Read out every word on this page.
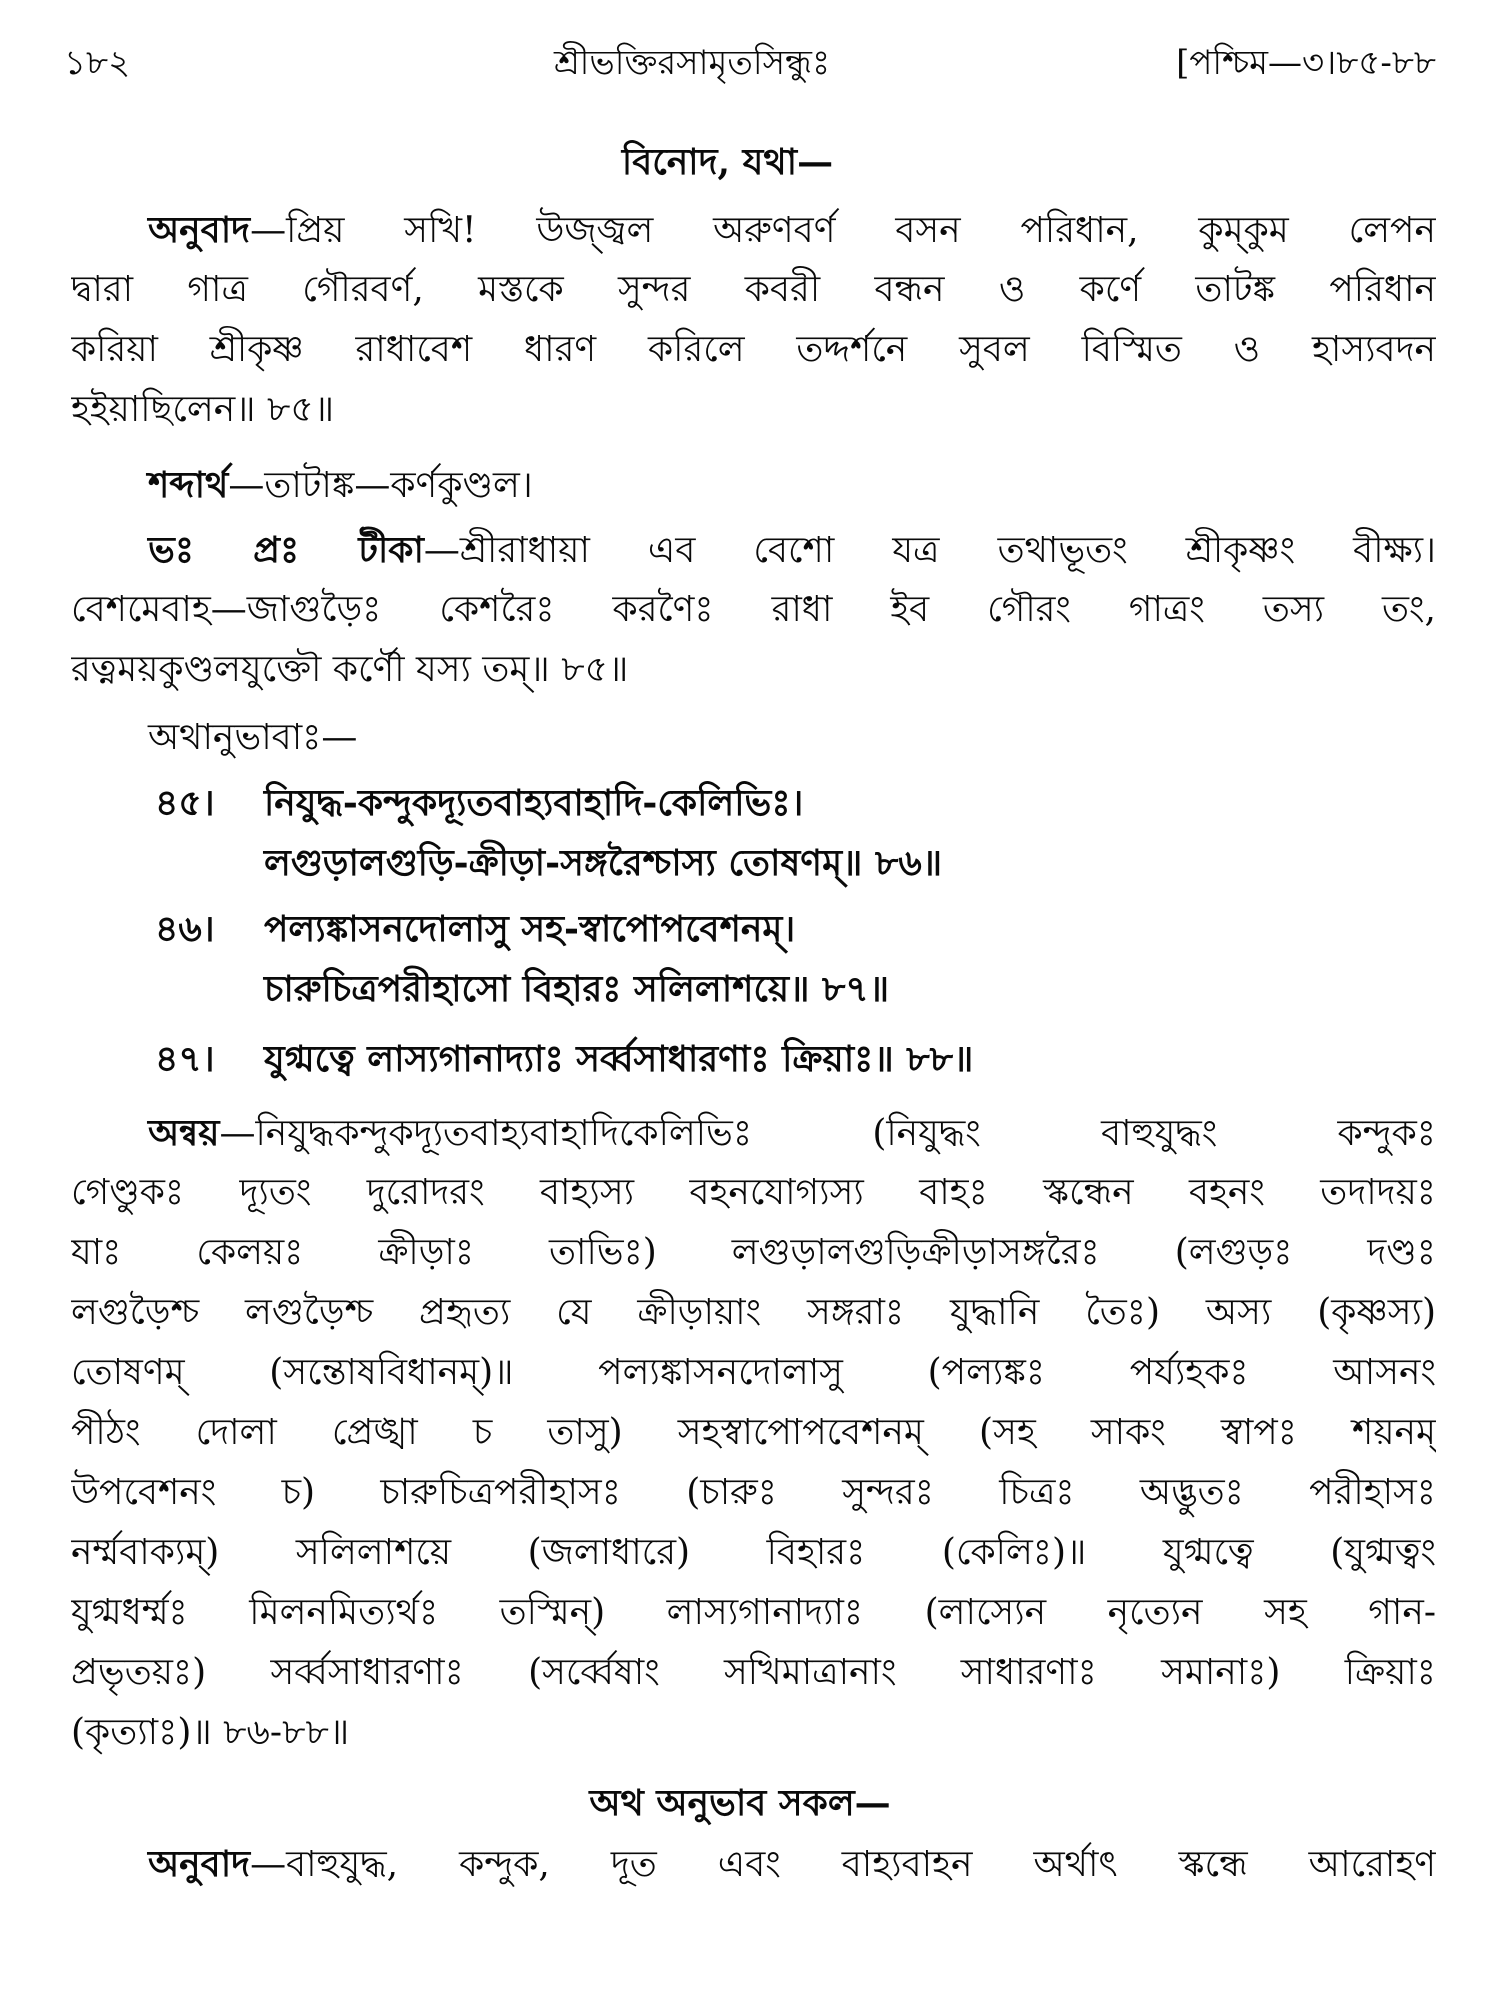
১৮২	শ্রীভক্তিরসামৃতসিন্ধুঃ	[পশ্চিম—৩।৮৫-৮৮
বিনোদ, যথা—
অনুবাদ—প্রিয় সখি! উজ্জ্বল অরুণবর্ণ বসন পরিধান, কুম্‌কুম লেপন
দ্বারা গাত্র গৌরবর্ণ, মস্তকে সুন্দর কবরী বন্ধন ও কর্ণে তাটঙ্ক পরিধান
করিয়া শ্রীকৃষ্ণ রাধাবেশ ধারণ করিলে তদ্দর্শনে সুবল বিস্মিত ও হাস্যবদন
হইয়াছিলেন॥ ৮৫॥
শব্দার্থ—তাটাঙ্ক—কর্ণকুণ্ডল।
ভঃ প্রঃ টীকা—শ্রীরাধায়া এব বেশো যত্র তথাভূতং শ্রীকৃষ্ণং বীক্ষ্য।
বেশমেবাহ—জাগুড়ৈঃ কেশরৈঃ করণৈঃ রাধা ইব গৌরং গাত্রং তস্য তং,
রত্নময়কুণ্ডলযুক্তৌ কর্ণৌ যস্য তম্॥ ৮৫॥
অথানুভাবাঃ—
৪৫। নিযুদ্ধ-কন্দুকদ্যূতবাহ্যবাহাদি-কেলিভিঃ।
লগুড়ালগুড়ি-ক্রীড়া-সঙ্গরৈশ্চাস্য তোষণম্॥ ৮৬॥
৪৬। পল্যঙ্কাসনদোলাসু সহ-স্বাপোপবেশনম্।
চারুচিত্রপরীহাসো বিহারঃ সলিলাশয়ে॥ ৮৭॥
৪৭। যুগ্মত্বে লাস্যগানাদ্যাঃ সর্ব্বসাধারণাঃ ক্রিয়াঃ॥ ৮৮॥
অন্বয়—নিযুদ্ধকন্দুকদ্যূতবাহ্যবাহাদিকেলিভিঃ (নিযুদ্ধং বাহুযুদ্ধং কন্দুকঃ
গেণ্ডুকঃ দ্যূতং দুরোদরং বাহ্যস্য বহনযোগ্যস্য বাহঃ স্কন্ধেন বহনং তদাদয়ঃ
যাঃ কেলয়ঃ ক্রীড়াঃ তাভিঃ) লগুড়ালগুড়িক্রীড়াসঙ্গরৈঃ (লগুড়ঃ দণ্ডঃ
লগুড়ৈশ্চ লগুড়ৈশ্চ প্রহৃত্য যে ক্রীড়ায়াং সঙ্গরাঃ যুদ্ধানি তৈঃ) অস্য (কৃষ্ণস্য)
তোষণম্ (সন্তোষবিধানম্)॥ পল্যঙ্কাসনদোলাসু (পল্যঙ্কঃ পর্য্যহকঃ আসনং
পীঠং দোলা প্রেঙ্খা চ তাসু) সহস্বাপোপবেশনম্ (সহ সাকং স্বাপঃ শয়নম্
উপবেশনং চ) চারুচিত্রপরীহাসঃ (চারুঃ সুন্দরঃ চিত্রঃ অদ্ভুতঃ পরীহাসঃ
নর্ম্মবাক্যম্) সলিলাশয়ে (জলাধারে) বিহারঃ (কেলিঃ)॥ যুগ্মত্বে (যুগ্মত্বং
যুগ্মধর্ম্মঃ মিলনমিত্যর্থঃ তস্মিন্) লাস্যগানাদ্যাঃ (লাস্যেন নৃত্যেন সহ গান-
প্রভৃতয়ঃ) সর্ব্বসাধারণাঃ (সর্ব্বেষাং সখিমাত্রানাং সাধারণাঃ সমানাঃ) ক্রিয়াঃ
(কৃত্যাঃ)॥ ৮৬-৮৮॥
অথ অনুভাব সকল—
অনুবাদ—বাহুযুদ্ধ, কন্দুক, দূত এবং বাহ্যবাহন অর্থাৎ স্কন্ধে আরোহণ
